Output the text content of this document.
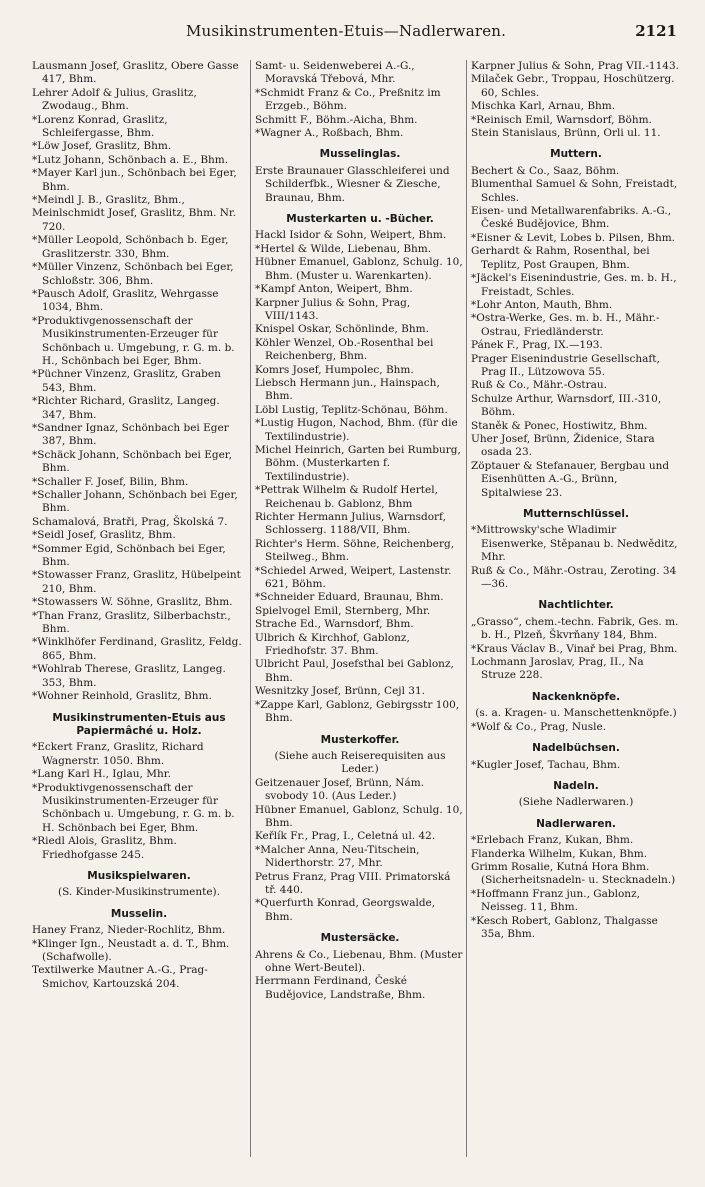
Musikinstrumenten-Etuis—Nadlerwaren.	2121
Lausmann Josef, Graslitz, Obere Gasse 417, Bhm.
Lehrer Adolf & Julius, Graslitz, Zwodaug., Bhm.
*Lorenz Konrad, Graslitz, Schleifergasse, Bhm.
*Löw Josef, Graslitz, Bhm.
*Lutz Johann, Schönbach a. E., Bhm.
*Mayer Karl jun., Schönbach bei Eger, Bhm.
*Meindl J. B., Graslitz, Bhm.,
Meinlschmidt Josef, Graslitz, Bhm. Nr. 720.
*Müller Leopold, Schönbach b. Eger, Graslitzerstr. 330, Bhm.
*Müller Vinzenz, Schönbach bei Eger, Schloßstr. 306, Bhm.
*Pausch Adolf, Graslitz, Wehrgasse 1034, Bhm.
*Produktivgenossenschaft der Musikinstrumenten-Erzeuger für Schönbach u. Umgebung, r. G. m. b. H., Schönbach bei Eger, Bhm.
*Püchner Vinzenz, Graslitz, Graben 543, Bhm.
*Richter Richard, Graslitz, Langeg. 347, Bhm.
*Sandner Ignaz, Schönbach bei Eger 387, Bhm.
*Schäck Johann, Schönbach bei Eger, Bhm.
*Schaller F. Josef, Bilin, Bhm.
*Schaller Johann, Schönbach bei Eger, Bhm.
Schamalová, Bratři, Prag, Školská 7.
*Seidl Josef, Graslitz, Bhm.
*Sommer Egid, Schönbach bei Eger, Bhm.
*Stowasser Franz, Graslitz, Hübelpeint 210, Bhm.
*Stowassers W. Söhne, Graslitz, Bhm.
*Than Franz, Graslitz, Silberbachstr., Bhm.
*Winklhöfer Ferdinand, Graslitz, Feldg. 865, Bhm.
*Wohlrab Therese, Graslitz, Langeg. 353, Bhm.
*Wohner Reinhold, Graslitz, Bhm.
Musikinstrumenten-Etuis aus Papiermâché u. Holz.
*Eckert Franz, Graslitz, Richard Wagnerstr. 1050. Bhm.
*Lang Karl H., Iglau, Mhr.
*Produktivgenossenschaft der Musikinstrumenten-Erzeuger für Schönbach u. Umgebung, r. G. m. b. H. Schönbach bei Eger, Bhm.
*Riedl Alois, Graslitz, Bhm. Friedhofgasse 245.
Musikspielwaren.
(S. Kinder-Musikinstrumente).
Musselin.
Haney Franz, Nieder-Rochlitz, Bhm.
*Klinger Ign., Neustadt a. d. T., Bhm. (Schafwolle).
Textilwerke Mautner A.-G., Prag-Smichov, Kartouzská 204.
Samt- u. Seidenweberei A.-G., Moravská Třebová, Mhr.
*Schmidt Franz & Co., Preßnitz im Erzgeb., Böhm.
Schmitt F., Böhm.-Aicha, Bhm.
*Wagner A., Roßbach, Bhm.
Musselinglas.
Erste Braunauer Glasschleiferei und Schilderfbk., Wiesner & Ziesche, Braunau, Bhm.
Musterkarten u. -Bücher.
Hackl Isidor & Sohn, Weipert, Bhm.
*Hertel & Wilde, Liebenau, Bhm.
Hübner Emanuel, Gablonz, Schulg. 10, Bhm. (Muster u. Warenkarten).
*Kampf Anton, Weipert, Bhm.
Karpner Julius & Sohn, Prag, VIII/1143.
Knispel Oskar, Schönlinde, Bhm.
Köhler Wenzel, Ob.-Rosenthal bei Reichenberg, Bhm.
Komrs Josef, Humpolec, Bhm.
Liebsch Hermann jun., Hainspach, Bhm.
Löbl Lustig, Teplitz-Schönau, Böhm.
*Lustig Hugon, Nachod, Bhm. (für die Textilindustrie).
Michel Heinrich, Garten bei Rumburg, Böhm. (Musterkarten f. Textilindustrie).
*Pettrak Wilhelm & Rudolf Hertel, Reichenau b. Gablonz, Bhm
Richter Hermann Julius, Warnsdorf, Schlosserg. 1188/VII, Bhm.
Richter's Herm. Söhne, Reichenberg, Steilweg., Bhm.
*Schiedel Arwed, Weipert, Lastenstr. 621, Böhm.
*Schneider Eduard, Braunau, Bhm.
Spielvogel Emil, Sternberg, Mhr.
Strache Ed., Warnsdorf, Bhm.
Ulbrich & Kirchhof, Gablonz, Friedhofstr. 37. Bhm.
Ulbricht Paul, Josefsthal bei Gablonz, Bhm.
Wesnitzky Josef, Brünn, Cejl 31.
*Zappe Karl, Gablonz, Gebirgsstr 100, Bhm.
Musterkoffer.
(Siehe auch Reiserequisiten aus Leder.)
Geitzenauer Josef, Brünn, Nám. svobody 10. (Aus Leder.)
Hübner Emanuel, Gablonz, Schulg. 10, Bhm.
Keřlík Fr., Prag, I., Celetná ul. 42.
*Malcher Anna, Neu-Titschein, Niderthorstr. 27, Mhr.
Petrus Franz, Prag VIII. Primatorská tř. 440.
*Querfurth Konrad, Georgswalde, Bhm.
Mustersäcke.
Ahrens & Co., Liebenau, Bhm. (Muster ohne Wert-Beutel).
Herrmann Ferdinand, České Budějovice, Landstraße, Bhm.
Karpner Julius & Sohn, Prag VII.-1143.
Milaček Gebr., Troppau, Hoschützerg. 60, Schles.
Mischka Karl, Arnau, Bhm.
*Reinisch Emil, Warnsdorf, Böhm.
Stein Stanislaus, Brünn, Orli ul. 11.
Muttern.
Bechert & Co., Saaz, Böhm.
Blumenthal Samuel & Sohn, Freistadt, Schles.
Eisen- und Metallwarenfabriks. A.-G., České Budějovice, Bhm.
*Eisner & Levit, Lobes b. Pilsen, Bhm.
Gerhardt & Rahm, Rosenthal, bei Teplitz, Post Graupen, Bhm.
*Jäckel's Eisenindustrie, Ges. m. b. H., Freistadt, Schles.
*Lohr Anton, Mauth, Bhm.
*Ostra-Werke, Ges. m. b. H., Mähr.-Ostrau, Friedländerstr.
Pánek F., Prag, IX.—193.
Prager Eisenindustrie Gesellschaft, Prag II., Lützowova 55.
Ruß & Co., Mähr.-Ostrau.
Schulze Arthur, Warnsdorf, III.-310, Böhm.
Staněk & Ponec, Hostiwitz, Bhm.
Uher Josef, Brünn, Židenice, Stara osada 23.
Zöptauer & Stefanauer, Bergbau und Eisenhütten A.-G., Brünn, Spitalwiese 23.
Mutternschlüssel.
*Mittrowsky'sche Wladimir Eisenwerke, Stěpanau b. Nedwěditz, Mhr.
Ruß & Co., Mähr.-Ostrau, Zeroting. 34—36.
Nachtlichter.
„Grasso“, chem.-techn. Fabrik, Ges. m. b. H., Plzeň, Škvrňany 184, Bhm.
*Kraus Václav B., Vinař bei Prag, Bhm.
Lochmann Jaroslav, Prag, II., Na Struze 228.
Nackenknöpfe.
(s. a. Kragen- u. Manschettenknöpfe.)
*Wolf & Co., Prag, Nusle.
Nadelbüchsen.
*Kugler Josef, Tachau, Bhm.
Nadeln.
(Siehe Nadlerwaren.)
Nadlerwaren.
*Erlebach Franz, Kukan, Bhm.
Flanderka Wilhelm, Kukan, Bhm.
Grimm Rosalie, Kutná Hora Bhm. (Sicherheitsnadeln- u. Stecknadeln.)
*Hoffmann Franz jun., Gablonz, Neisseg. 11, Bhm.
*Kesch Robert, Gablonz, Thalgasse 35a, Bhm.
